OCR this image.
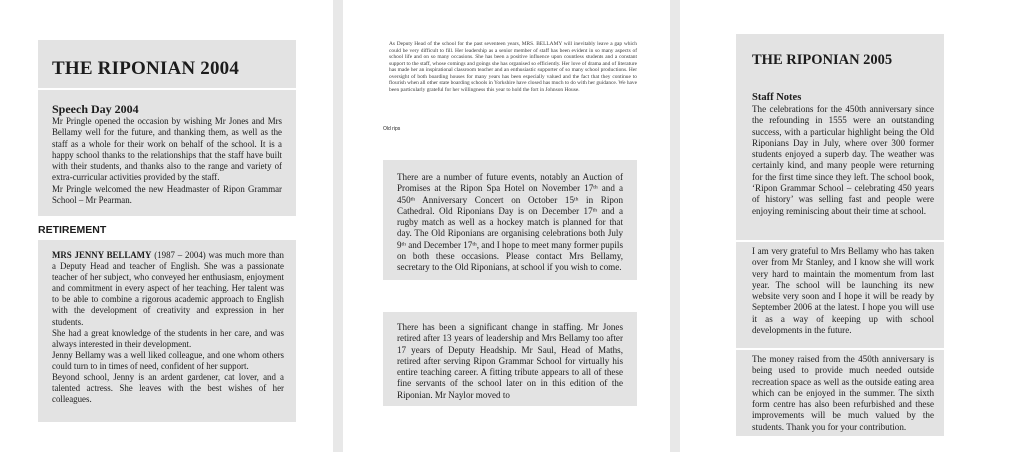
THE RIPONIAN 2004
Speech Day 2004
Mr Pringle opened the occasion by wishing Mr Jones and Mrs Bellamy well for the future, and thanking them, as well as the staff as a whole for their work on behalf of the school. It is a happy school thanks to the relationships that the staff have built with their students, and thanks also to the range and variety of extra-curricular activities provided by the staff.
Mr Pringle welcomed the new Headmaster of Ripon Grammar School – Mr Pearman.
RETIREMENT

MRS JENNY BELLAMY (1987 – 2004) was much more than a Deputy Head and teacher of English. She was a passionate teacher of her subject, who conveyed her enthusiasm, enjoyment and commitment in every aspect of her teaching. Her talent was to be able to combine a rigorous academic approach to English with the development of creativity and expression in her students.

She had a great knowledge of the students in her care, and was always interested in their development.

Jenny Bellamy was a well liked colleague, and one whom others could turn to in times of need, confident of her support.

Beyond school, Jenny is an ardent gardener, cat lover, and a talented actress. She leaves with the best wishes of her colleagues.

As Deputy Head of the school for the past seventeen years, MRS. BELLAMY will inevitably leave a gap which could be very difficult to fill. Her leadership as a senior member of staff has been evident in so many aspects of school life and on so many occasions. She has been a positive influence upon countless students and a constant support to the staff, whose comings and goings she has organised so efficiently. Her love of drama and of literature has made her an inspirational classroom teacher and an enthusiastic supporter of so many school productions. Her oversight of both boarding houses for many years has been especially valued and the fact that they continue to flourish when all other state boarding schools in Yorkshire have closed has much to do with her guidance. We have been particularly grateful for her willingness this year to hold the fort in Johnson House.
Old rips
There are a number of future events, notably an Auction of Promises at the Ripon Spa Hotel on November 17th and a 450th Anniversary Concert on October 15th in Ripon Cathedral. Old Riponians Day is on December 17th and a rugby match as well as a hockey match is planned for that day. The Old Riponians are organising celebrations both July 9th and December 17th, and I hope to meet many former pupils on both these occasions. Please contact Mrs Bellamy, secretary to the Old Riponians, at school if you wish to come.
There has been a significant change in staffing. Mr Jones retired after 13 years of leadership and Mrs Bellamy too after 17 years of Deputy Headship. Mr Saul, Head of Maths, retired after serving Ripon Grammar School for virtually his entire teaching career. A fitting tribute appears to all of these fine servants of the school later on in this edition of the Riponian. Mr Naylor moved to
THE RIPONIAN 2005
Staff Notes
The celebrations for the 450th anniversary since the refounding in 1555 were an outstanding success, with a particular highlight being the Old Riponians Day in July, where over 300 former students enjoyed a superb day. The weather was certainly kind, and many people were returning for the first time since they left. The school book, ‘Ripon Grammar School – celebrating 450 years of history’ was selling fast and people were enjoying reminiscing about their time at school.
I am very grateful to Mrs Bellamy who has taken over from Mr Stanley, and I know she will work very hard to maintain the momentum from last year. The school will be launching its new website very soon and I hope it will be ready by September 2006 at the latest. I hope you will use it as a way of keeping up with school developments in the future.
The money raised from the 450th anniversary is being used to provide much needed outside recreation space as well as the outside eating area which can be enjoyed in the summer. The sixth form centre has also been refurbished and these improvements will be much valued by the students. Thank you for your contribution.
